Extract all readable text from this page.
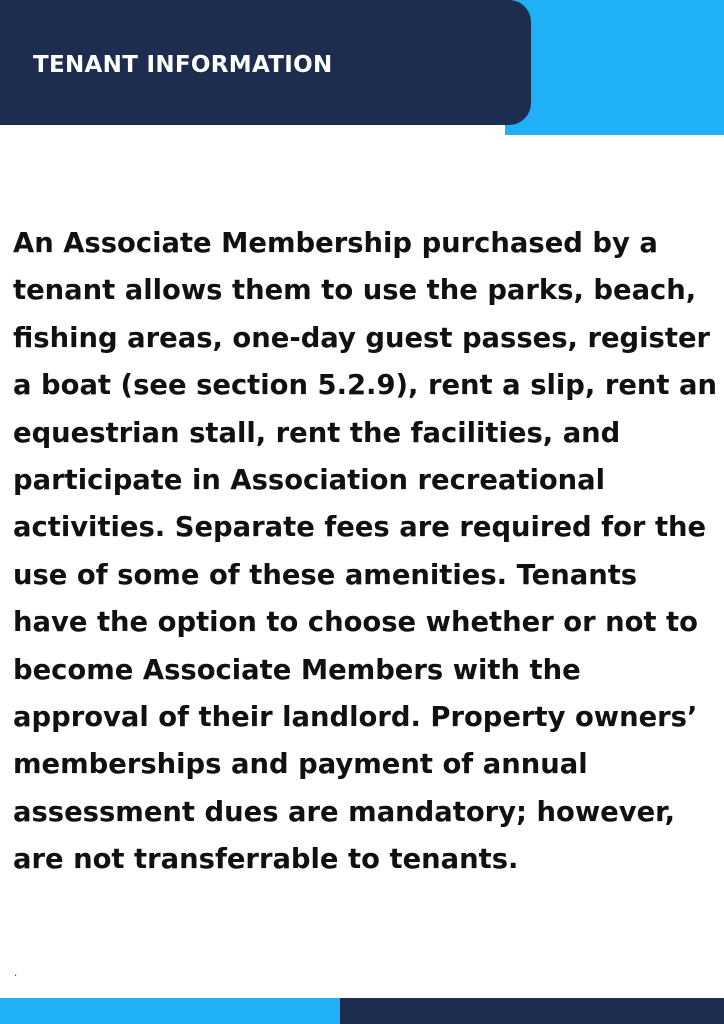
TENANT INFORMATION
An Associate Membership purchased by a tenant allows them to use the parks, beach, fishing areas, one-day guest passes, register a boat (see section 5.2.9), rent a slip, rent an equestrian stall, rent the facilities, and participate in Association recreational activities. Separate fees are required for the use of some of these amenities. Tenants have the option to choose whether or not to become Associate Members with the approval of their landlord. Property owners’ memberships and payment of annual assessment dues are mandatory; however, are not transferrable to tenants.
.
